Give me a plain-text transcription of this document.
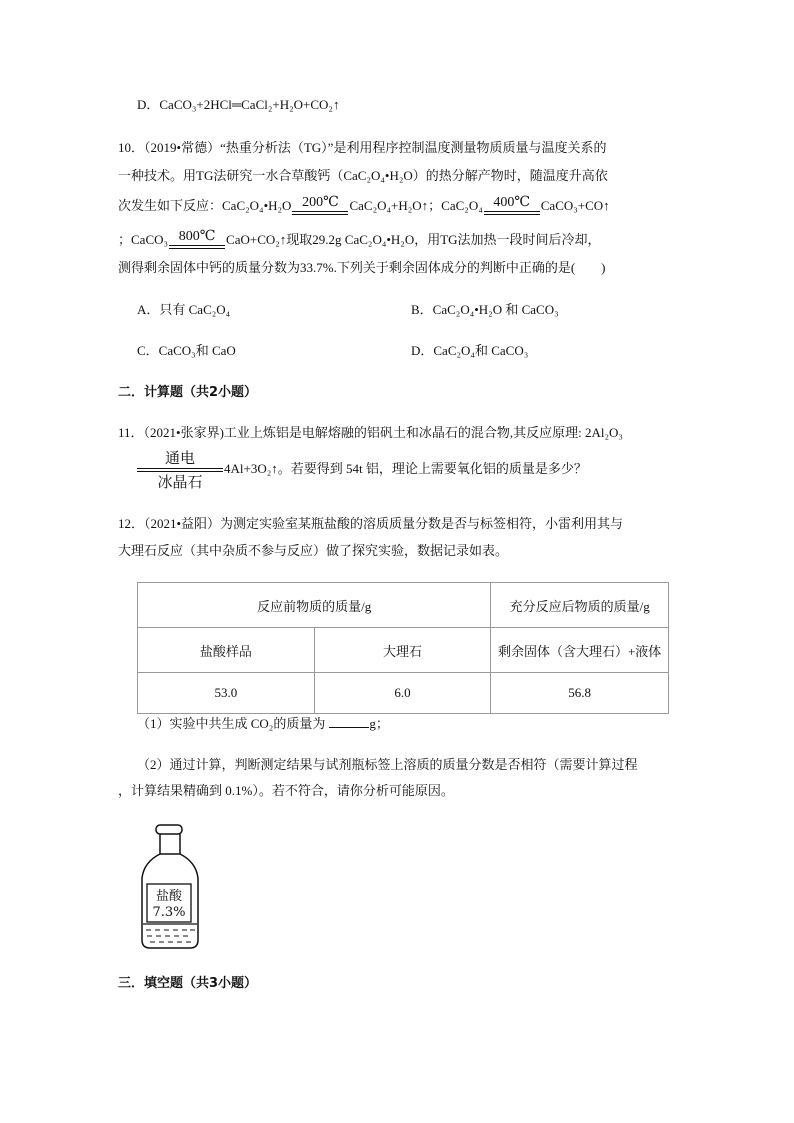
D．CaCO₃+2HCl═CaCl₂+H₂O+CO₂↑
10．（2019•常德）“热重分析法（TG）”是利用程序控制温度测量物质质量与温度关系的
一种技术。用TG法研究一水合草酸钙（CaC₂O₄•H₂O）的热分解产物时，随温度升高依
次发生如下反应：CaC₂O₄•H₂O 200℃ CaC₂O₄+H₂O↑；CaC₂O₄ 400℃ CaCO₃+CO↑
；CaCO₃ 800℃ CaO+CO₂↑现取29.2g CaC₂O₄•H₂O，用TG法加热一段时间后冷却，
测得剩余固体中钙的质量分数为33.7%.下列关于剩余固体成分的判断中正确的是(　　)
A．只有 CaC₂O₄	B．CaC₂O₄•H₂O 和 CaCO₃
C．CaCO₃和 CaO	D．CaC₂O₄和 CaCO₃
二．计算题（共2小题）
11．（2021•张家界)工业上炼铝是电解熔融的铝矾土和冰晶石的混合物,其反应原理: 2Al₂O₃
通电
冰晶石
4Al+3O₂↑。若要得到 54t 铝，理论上需要氧化铝的质量是多少？
12．（2021•益阳）为测定实验室某瓶盐酸的溶质质量分数是否与标签相符，小雷利用其与
大理石反应（其中杂质不参与反应）做了探究实验，数据记录如表。
反应前物质的质量/g		充分反应后物质的质量/g
盐酸样品	大理石	剩余固体（含大理石）+液体
53.0	6.0	56.8
（1）实验中共生成 CO₂的质量为	g；
（2）通过计算，判断测定结果与试剂瓶标签上溶质的质量分数是否相符（需要计算过程
，计算结果精确到 0.1%）。若不符合，请你分析可能原因。
盐酸
7.3%
三．填空题（共3小题）
